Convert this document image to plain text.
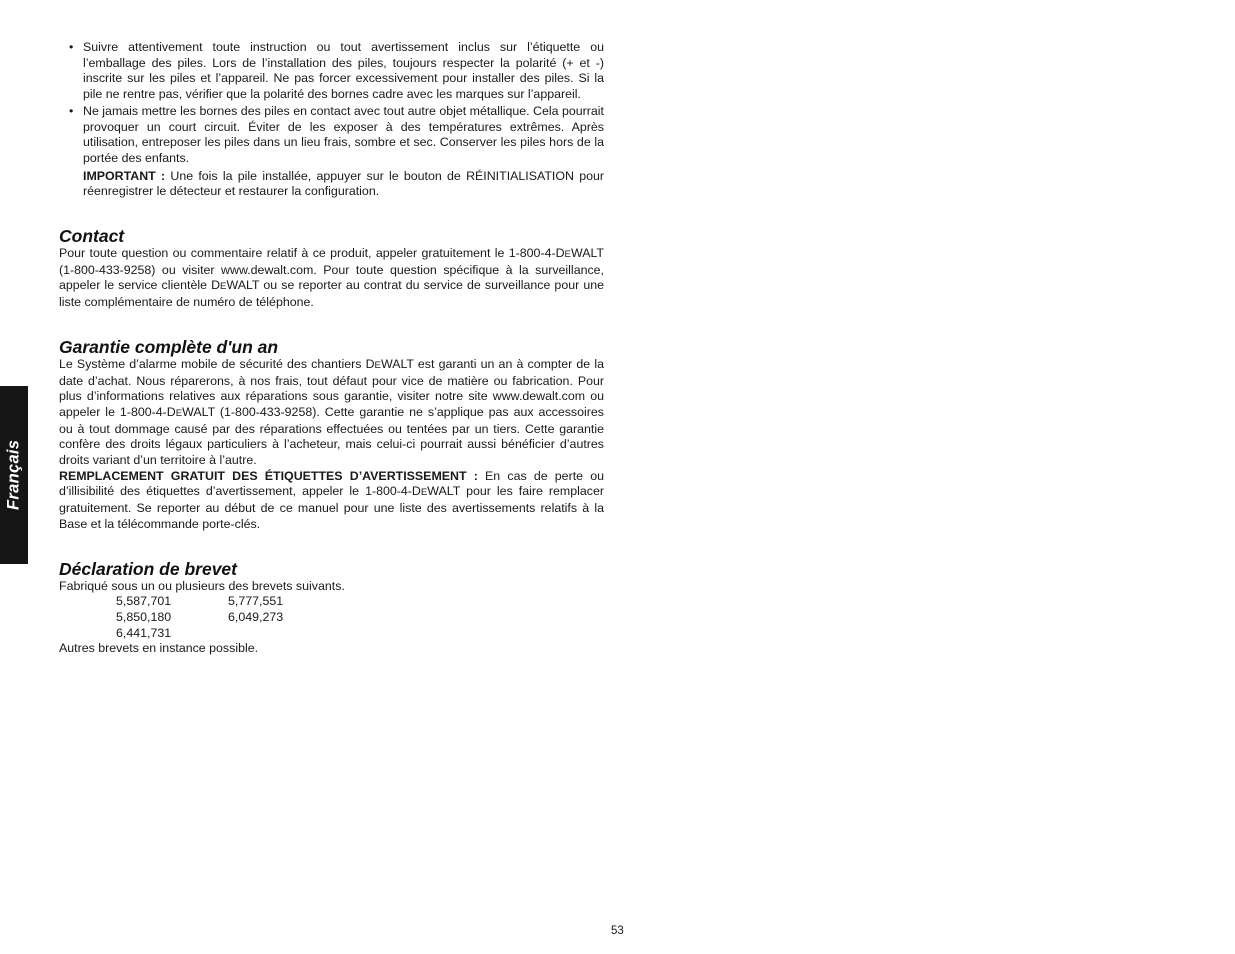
Français
• Suivre attentivement toute instruction ou tout avertissement inclus sur l’étiquette ou l’emballage des piles. Lors de l’installation des piles, toujours respecter la polarité (+ et -) inscrite sur les piles et l’appareil. Ne pas forcer excessivement pour installer des piles. Si la pile ne rentre pas, vérifier que la polarité des bornes cadre avec les marques sur l’appareil.
• Ne jamais mettre les bornes des piles en contact avec tout autre objet métallique. Cela pourrait provoquer un court circuit. Éviter de les exposer à des températures extrêmes. Après utilisation, entreposer les piles dans un lieu frais, sombre et sec. Conserver les piles hors de la portée des enfants.
IMPORTANT : Une fois la pile installée, appuyer sur le bouton de RÉINITIALISATION pour réenregistrer le détecteur et restaurer la configuration.
Contact

Pour toute question ou commentaire relatif à ce produit, appeler gratuitement le 1-800-4-DEWALT (1-800-433-9258) ou visiter www.dewalt.com. Pour toute question spécifique à la surveillance, appeler le service clientèle DEWALT ou se reporter au contrat du service de surveillance pour une liste complémentaire de numéro de téléphone.

Garantie complète d'un an

Le Système d’alarme mobile de sécurité des chantiers DEWALT est garanti un an à compter de la date d’achat. Nous réparerons, à nos frais, tout défaut pour vice de matière ou fabrication. Pour plus d’informations relatives aux réparations sous garantie, visiter notre site www.dewalt.com ou appeler le 1-800-4-DEWALT (1-800-433-9258). Cette garantie ne s’applique pas aux accessoires ou à tout dommage causé par des réparations effectuées ou tentées par un tiers. Cette garantie confère des droits légaux particuliers à l’acheteur, mais celui-ci pourrait aussi bénéficier d’autres droits variant d’un territoire à l’autre.

REMPLACEMENT GRATUIT DES ÉTIQUETTES D’AVERTISSEMENT : En cas de perte ou d’illisibilité des étiquettes d’avertissement, appeler le 1-800-4-DEWALT pour les faire remplacer gratuitement. Se reporter au début de ce manuel pour une liste des avertissements relatifs à la Base et la télécommande porte-clés.

Déclaration de brevet

Fabriqué sous un ou plusieurs des brevets suivants.

5,587,701	5,777,551
5,850,180	6,049,273
6,441,731

Autres brevets en instance possible.

53
